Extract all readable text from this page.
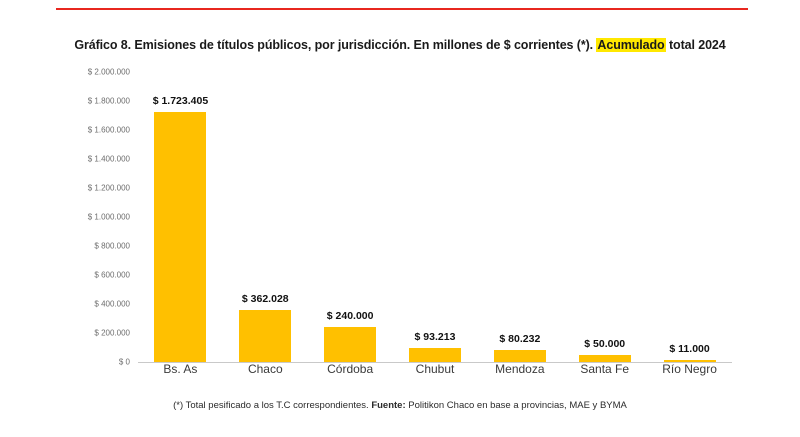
Gráfico 8. Emisiones de títulos públicos, por jurisdicción. En millones de $ corrientes (*). Acumulado total 2024
$ 0
$ 200.000
$ 400.000
$ 600.000
$ 800.000
$ 1.000.000
$ 1.200.000
$ 1.400.000
$ 1.600.000
$ 1.800.000
$ 2.000.000
$ 1.723.405
$ 362.028
$ 240.000
$ 93.213	$ 80.232	$ 50.000	$ 11.000
Bs. As	Chaco	Córdoba	Chubut	Mendoza	Santa Fe	Río Negro
(*) Total pesificado a los T.C correspondientes. Fuente: Politikon Chaco en base a provincias, MAE y BYMA
